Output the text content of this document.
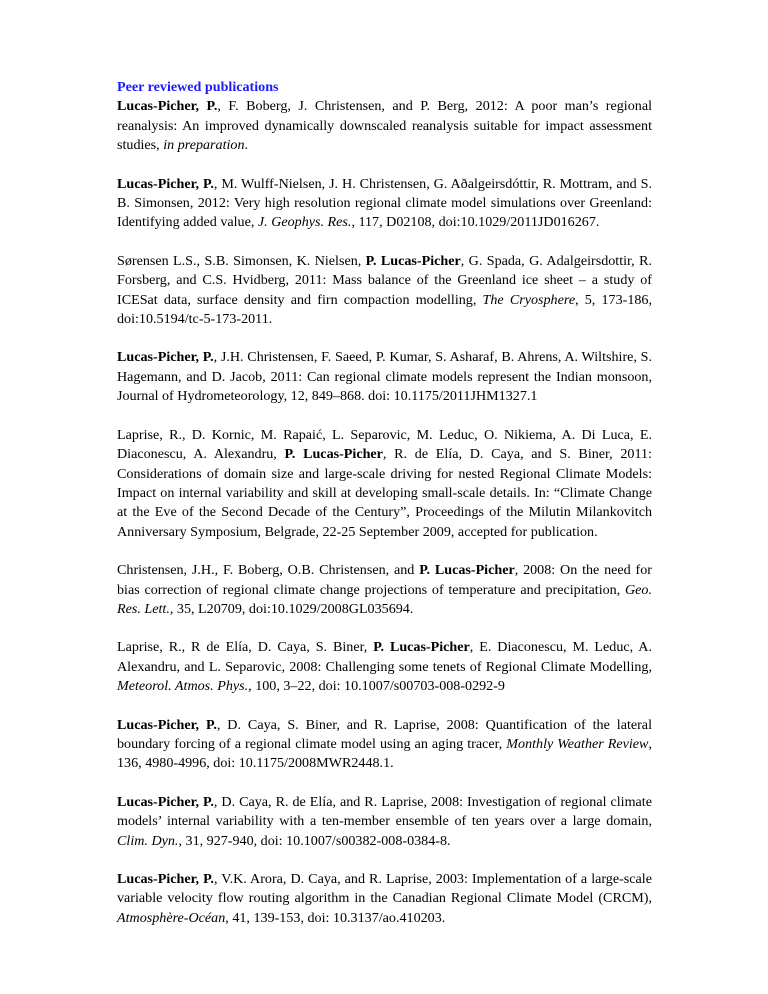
Peer reviewed publications

Lucas-Picher, P., F. Boberg, J. Christensen, and P. Berg, 2012: A poor man’s regional reanalysis: An improved dynamically downscaled reanalysis suitable for impact assessment studies, in preparation.

Lucas-Picher, P., M. Wulff-Nielsen, J. H. Christensen, G. Aðalgeirsdóttir, R. Mottram, and S. B. Simonsen, 2012: Very high resolution regional climate model simulations over Greenland: Identifying added value, J. Geophys. Res., 117, D02108, doi:10.1029/2011JD016267.

Sørensen L.S., S.B. Simonsen, K. Nielsen, P. Lucas-Picher, G. Spada, G. Adalgeirsdottir, R. Forsberg, and C.S. Hvidberg, 2011: Mass balance of the Greenland ice sheet – a study of ICESat data, surface density and firn compaction modelling, The Cryosphere, 5, 173-186, doi:10.5194/tc-5-173-2011.

Lucas-Picher, P., J.H. Christensen, F. Saeed, P. Kumar, S. Asharaf, B. Ahrens, A. Wiltshire, S. Hagemann, and D. Jacob, 2011: Can regional climate models represent the Indian monsoon, Journal of Hydrometeorology, 12, 849–868. doi: 10.1175/2011JHM1327.1

Laprise, R., D. Kornic, M. Rapaić, L. Separovic, M. Leduc, O. Nikiema, A. Di Luca, E. Diaconescu, A. Alexandru, P. Lucas-Picher, R. de Elía, D. Caya, and S. Biner, 2011: Considerations of domain size and large-scale driving for nested Regional Climate Models: Impact on internal variability and skill at developing small-scale details. In: “Climate Change at the Eve of the Second Decade of the Century”, Proceedings of the Milutin Milankovitch Anniversary Symposium, Belgrade, 22-25 September 2009, accepted for publication.

Christensen, J.H., F. Boberg, O.B. Christensen, and P. Lucas-Picher, 2008: On the need for bias correction of regional climate change projections of temperature and precipitation, Geo. Res. Lett., 35, L20709, doi:10.1029/2008GL035694.

Laprise, R., R de Elía, D. Caya, S. Biner, P. Lucas-Picher, E. Diaconescu, M. Leduc, A. Alexandru, and L. Separovic, 2008: Challenging some tenets of Regional Climate Modelling, Meteorol. Atmos. Phys., 100, 3–22, doi: 10.1007/s00703-008-0292-9

Lucas-Picher, P., D. Caya, S. Biner, and R. Laprise, 2008: Quantification of the lateral boundary forcing of a regional climate model using an aging tracer, Monthly Weather Review, 136, 4980-4996, doi: 10.1175/2008MWR2448.1.

Lucas-Picher, P., D. Caya, R. de Elía, and R. Laprise, 2008: Investigation of regional climate models’ internal variability with a ten-member ensemble of ten years over a large domain, Clim. Dyn., 31, 927-940, doi: 10.1007/s00382-008-0384-8.

Lucas-Picher, P., V.K. Arora, D. Caya, and R. Laprise, 2003: Implementation of a large-scale variable velocity flow routing algorithm in the Canadian Regional Climate Model (CRCM), Atmosphère-Océan, 41, 139-153, doi: 10.3137/ao.410203.
